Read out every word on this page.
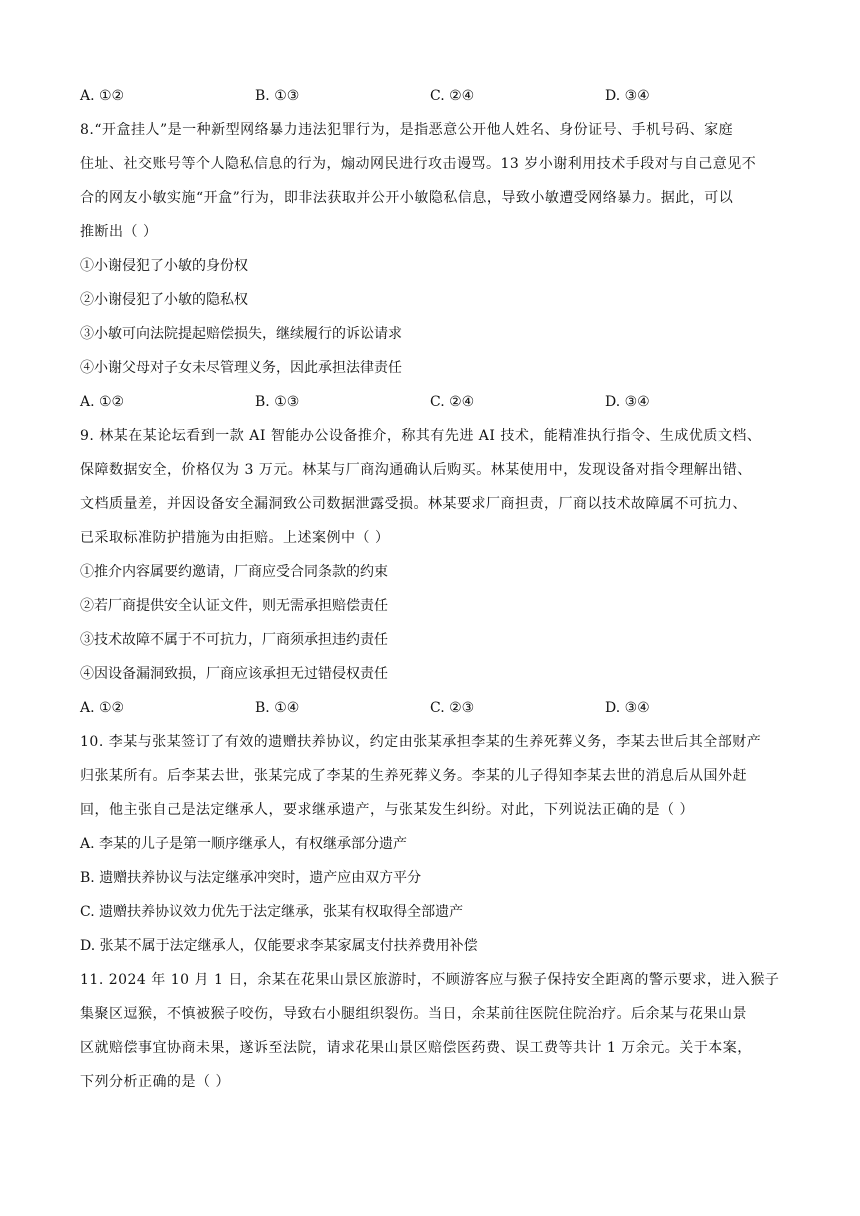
A. ①②	B. ①③	C. ②④	D. ③④
8.“开盒挂人”是一种新型网络暴力违法犯罪行为，是指恶意公开他人姓名、身份证号、手机号码、家庭
住址、社交账号等个人隐私信息的行为，煽动网民进行攻击谩骂。13 岁小谢利用技术手段对与自己意见不
合的网友小敏实施“开盒”行为，即非法获取并公开小敏隐私信息，导致小敏遭受网络暴力。据此，可以
推断出（ ）
①小谢侵犯了小敏的身份权
②小谢侵犯了小敏的隐私权
③小敏可向法院提起赔偿损失，继续履行的诉讼请求
④小谢父母对子女未尽管理义务，因此承担法律责任
A. ①②	B. ①③	C. ②④	D. ③④
9. 林某在某论坛看到一款 AI 智能办公设备推介，称其有先进 AI 技术，能精准执行指令、生成优质文档、
保障数据安全，价格仅为 3 万元。林某与厂商沟通确认后购买。林某使用中，发现设备对指令理解出错、
文档质量差，并因设备安全漏洞致公司数据泄露受损。林某要求厂商担责，厂商以技术故障属不可抗力、
已采取标准防护措施为由拒赔。上述案例中（ ）
①推介内容属要约邀请，厂商应受合同条款的约束
②若厂商提供安全认证文件，则无需承担赔偿责任
③技术故障不属于不可抗力，厂商须承担违约责任
④因设备漏洞致损，厂商应该承担无过错侵权责任
A. ①②	B. ①④	C. ②③	D. ③④
10. 李某与张某签订了有效的遗赠扶养协议，约定由张某承担李某的生养死葬义务，李某去世后其全部财产
归张某所有。后李某去世，张某完成了李某的生养死葬义务。李某的儿子得知李某去世的消息后从国外赶
回，他主张自己是法定继承人，要求继承遗产，与张某发生纠纷。对此，下列说法正确的是（ ）
A. 李某的儿子是第一顺序继承人，有权继承部分遗产
B. 遗赠扶养协议与法定继承冲突时，遗产应由双方平分
C. 遗赠扶养协议效力优先于法定继承，张某有权取得全部遗产
D. 张某不属于法定继承人，仅能要求李某家属支付扶养费用补偿
11. 2024 年 10 月 1 日，余某在花果山景区旅游时，不顾游客应与猴子保持安全距离的警示要求，进入猴子
集聚区逗猴，不慎被猴子咬伤，导致右小腿组织裂伤。当日，余某前往医院住院治疗。后余某与花果山景
区就赔偿事宜协商未果，遂诉至法院，请求花果山景区赔偿医药费、误工费等共计 1 万余元。关于本案，
下列分析正确的是（ ）
